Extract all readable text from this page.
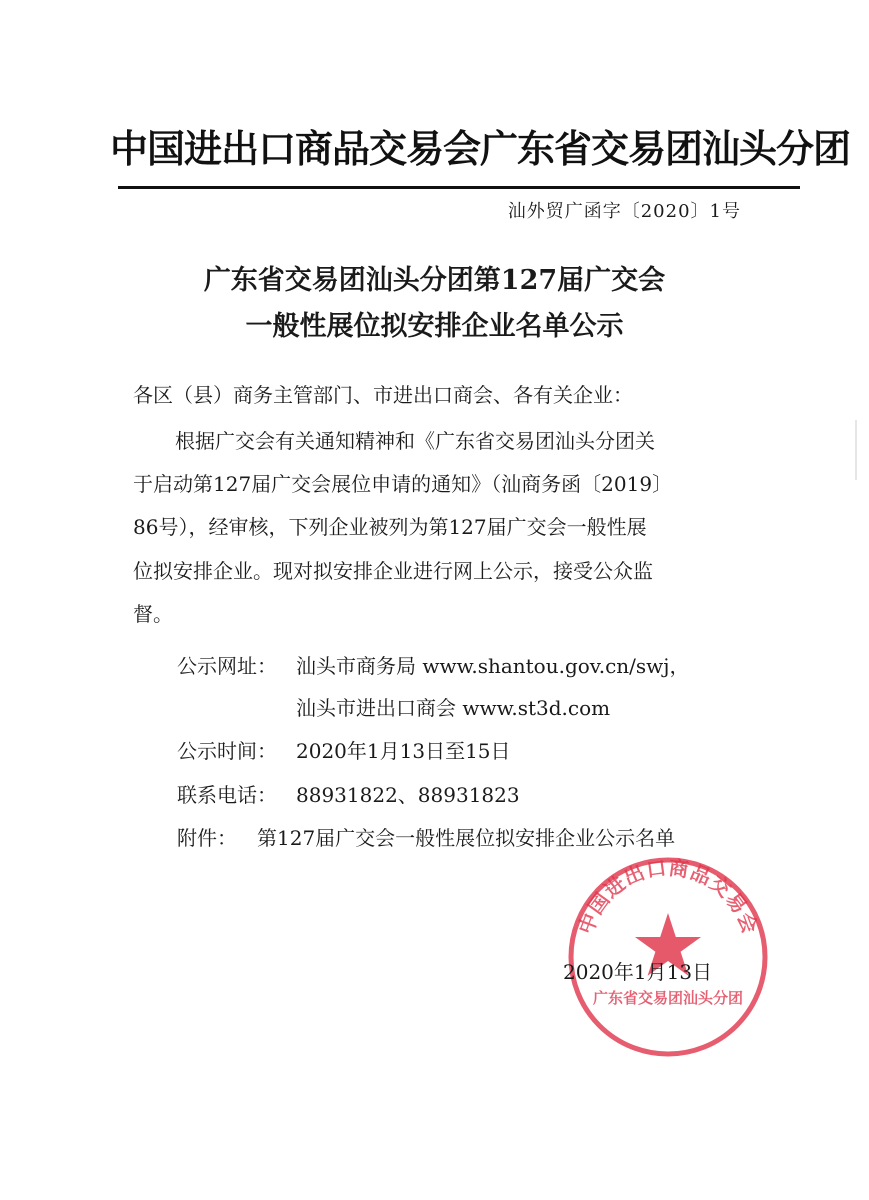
中国进出口商品交易会广东省交易团汕头分团
汕外贸广函字〔2020〕1号
广东省交易团汕头分团第127届广交会
一般性展位拟安排企业名单公示
各区（县）商务主管部门、市进出口商会、各有关企业：
根据广交会有关通知精神和《广东省交易团汕头分团关
于启动第127届广交会展位申请的通知》（汕商务函〔2019〕
86号），经审核，下列企业被列为第127届广交会一般性展
位拟安排企业。现对拟安排企业进行网上公示，接受公众监
督。
公示网址： 汕头市商务局 www.shantou.gov.cn/swj，
汕头市进出口商会 www.st3d.com
公示时间： 2020年1月13日至15日
联系电话： 88931822、88931823
附件： 第127届广交会一般性展位拟安排企业公示名单
中国进出口商品交易会
广东省交易团汕头分团
2020年1月13日
